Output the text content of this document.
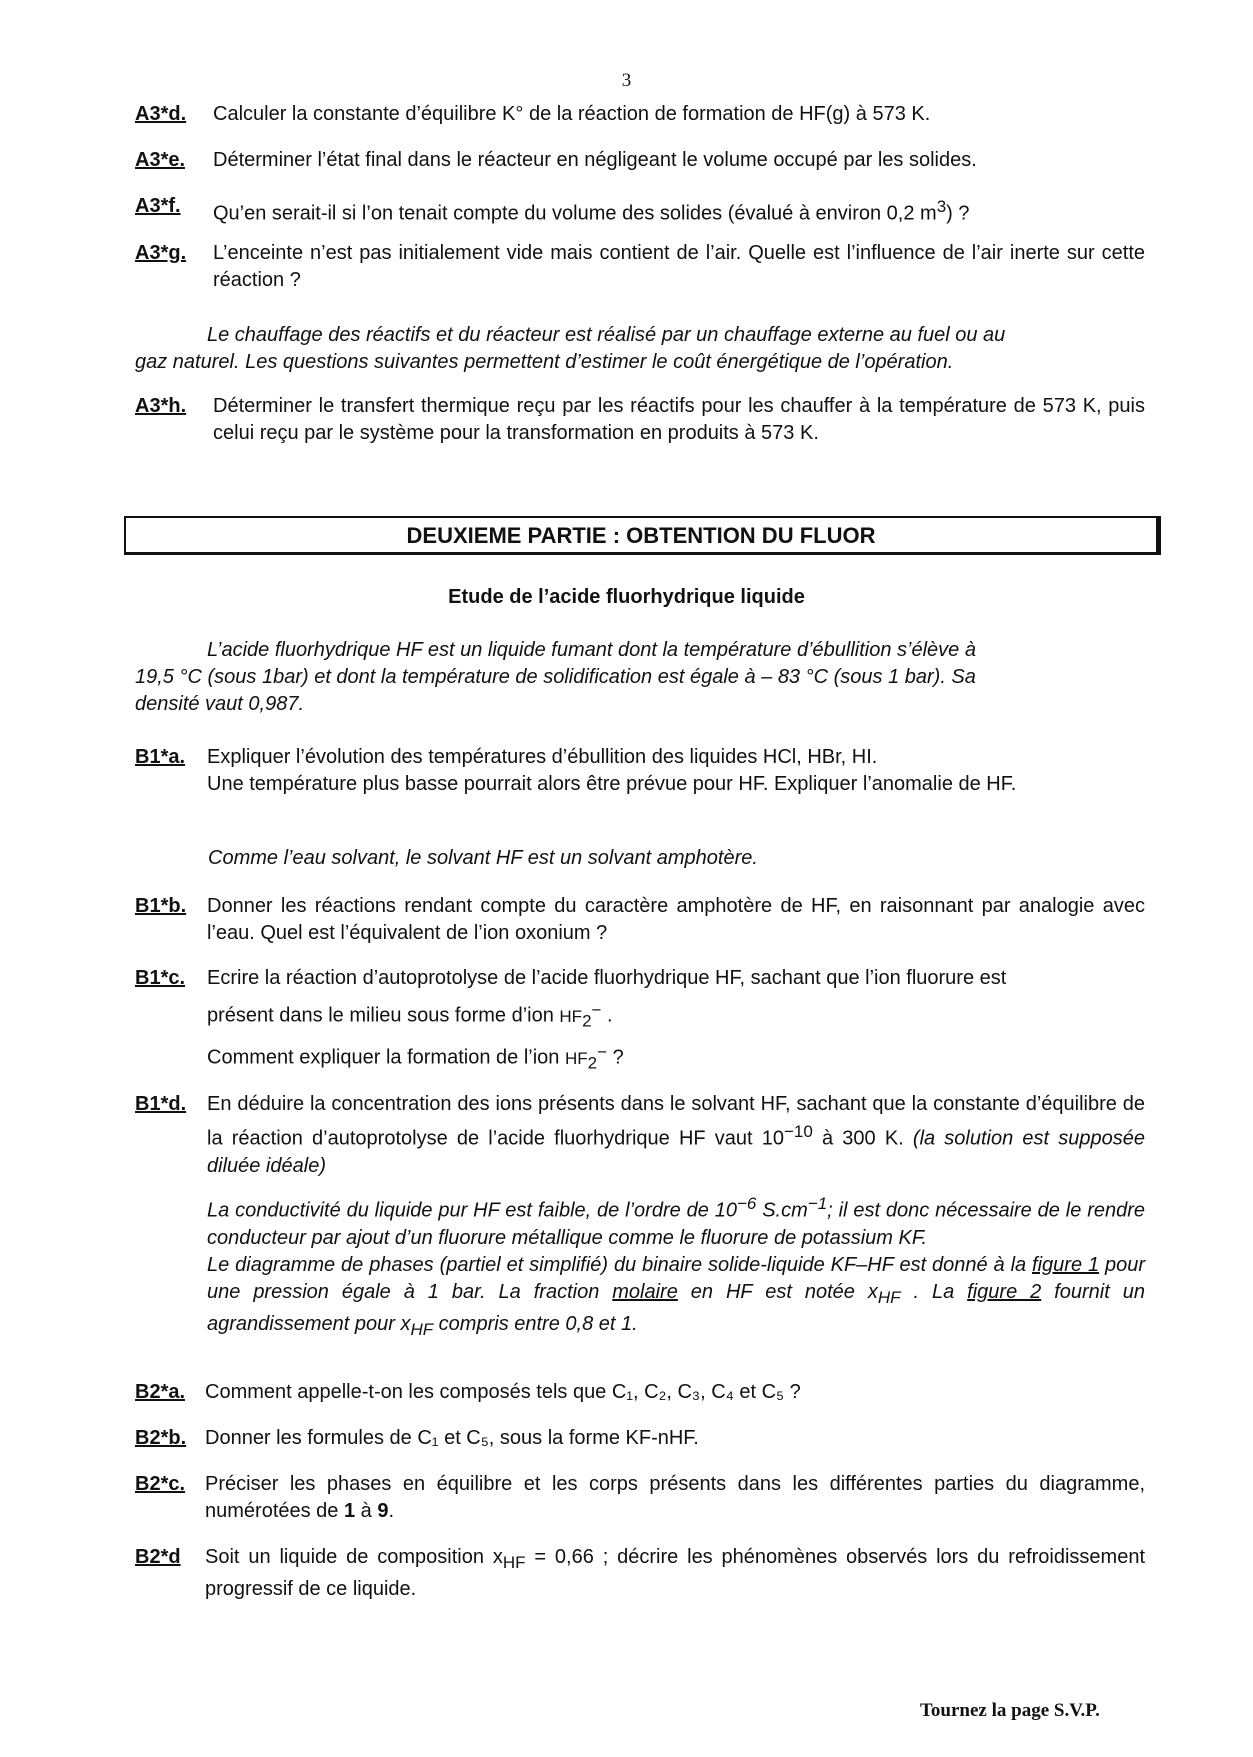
3
A3*d. Calculer la constante d’équilibre K° de la réaction de formation de HF(g) à 573 K.
A3*e. Déterminer l’état final dans le réacteur en négligeant le volume occupé par les solides.
A3*f. Qu’en serait-il si l’on tenait compte du volume des solides (évalué à environ 0,2 $m^3$) ?
A3*g. L’enceinte n’est pas initialement vide mais contient de l’air. Quelle est l’influence de l’air inerte sur cette réaction ?
Le chauffage des réactifs et du réacteur est réalisé par un chauffage externe au fuel ou au
gaz naturel. Les questions suivantes permettent d’estimer le coût énergétique de l’opération.
A3*h. Déterminer le transfert thermique reçu par les réactifs pour les chauffer à la température de 573 K, puis celui reçu par le système pour la transformation en produits à 573 K.
DEUXIEME PARTIE : OBTENTION DU FLUOR
Etude de l’acide fluorhydrique liquide
L’acide fluorhydrique HF est un liquide fumant dont la température d’ébullition s’élève à
19,5 °C (sous 1bar) et dont la température de solidification est égale à – 83 °C (sous 1 bar). Sa
densité vaut 0,987.
B1*a. Expliquer l’évolution des températures d’ébullition des liquides HCl, HBr, HI.

Une température plus basse pourrait alors être prévue pour HF. Expliquer l’anomalie de HF.

Comme l’eau solvant, le solvant HF est un solvant amphotère.
B1*b. Donner les réactions rendant compte du caractère amphotère de HF, en raisonnant par analogie avec l’eau. Quel est l’équivalent de l’ion oxonium ?
B1*c. Ecrire la réaction d’autoprotolyse de l’acide fluorhydrique HF, sachant que l’ion fluorure est

présent dans le milieu sous forme d’ion $HF_2^-$ .

Comment expliquer la formation de l’ion $HF_2^-$ ?

B1*d. En déduire la concentration des ions présents dans le solvant HF, sachant que la constante d’équilibre de la réaction d’autoprotolyse de l’acide fluorhydrique HF vaut $10^{-10}$ à 300 K. (la solution est supposée diluée idéale)
La conductivité du liquide pur HF est faible, de l’ordre de $10^{-6}$ $S.cm^{-1}$; il est donc nécessaire de le rendre conducteur par ajout d’un fluorure métallique comme le fluorure de potassium KF.
Le diagramme de phases (partiel et simplifié) du binaire solide-liquide KF–HF est donné à la figure 1 pour une pression égale à 1 bar. La fraction molaire en HF est notée $x_{HF}$ . La figure 2 fournit un agrandissement pour $x_{HF}$ compris entre 0,8 et 1.
B2*a. Comment appelle-t-on les composés tels que C₁, C₂, C₃, C₄ et C₅ ?
B2*b. Donner les formules de C₁ et C₅, sous la forme KF-nHF.
B2*c. Préciser les phases en équilibre et les corps présents dans les différentes parties du diagramme, numérotées de 1 à 9.
B2*d Soit un liquide de composition $x_{HF} = 0,66$ ; décrire les phénomènes observés lors du refroidissement progressif de ce liquide.
Tournez la page S.V.P.
